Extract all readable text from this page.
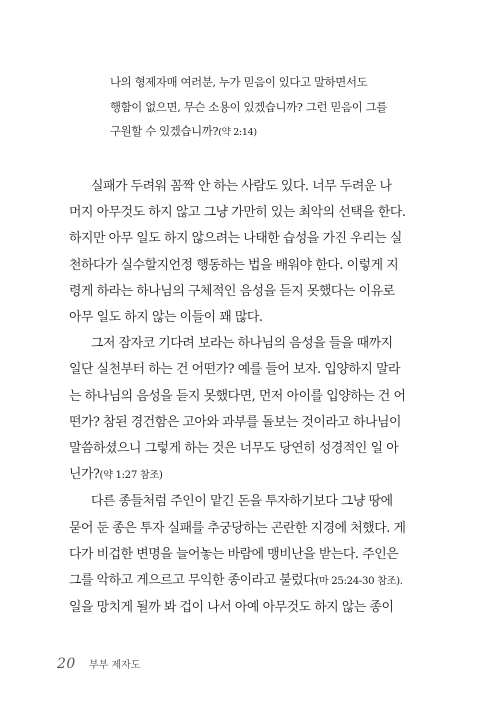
나의 형제자매 여러분, 누가 믿음이 있다고 말하면서도
행함이 없으면, 무슨 소용이 있겠습니까? 그런 믿음이 그를
구원할 수 있겠습니까?(약 2:14)
실패가 두려워 꼼짝 안 하는 사람도 있다. 너무 두려운 나
머지 아무것도 하지 않고 그냥 가만히 있는 최악의 선택을 한다.
하지만 아무 일도 하지 않으려는 나태한 습성을 가진 우리는 실
천하다가 실수할지언정 행동하는 법을 배워야 한다. 이렇게 지
령게 하라는 하나님의 구체적인 음성을 듣지 못했다는 이유로
아무 일도 하지 않는 이들이 꽤 많다.
그저 잠자코 기다려 보라는 하나님의 음성을 들을 때까지
일단 실천부터 하는 건 어떤가? 예를 들어 보자. 입양하지 말라
는 하나님의 음성을 듣지 못했다면, 먼저 아이를 입양하는 건 어
떤가? 참된 경건함은 고아와 과부를 돌보는 것이라고 하나님이
말씀하셨으니 그렇게 하는 것은 너무도 당연히 성경적인 일 아
닌가?(약 1:27 참조)
다른 종들처럼 주인이 맡긴 돈을 투자하기보다 그냥 땅에
묻어 둔 종은 투자 실패를 추궁당하는 곤란한 지경에 처했다. 게
다가 비겁한 변명을 늘어놓는 바람에 맹비난을 받는다. 주인은
그를 악하고 게으르고 무익한 종이라고 불렀다(마 25:24-30 참조).
일을 망치게 될까 봐 겁이 나서 아예 아무것도 하지 않는 종이
20 부부 제자도
